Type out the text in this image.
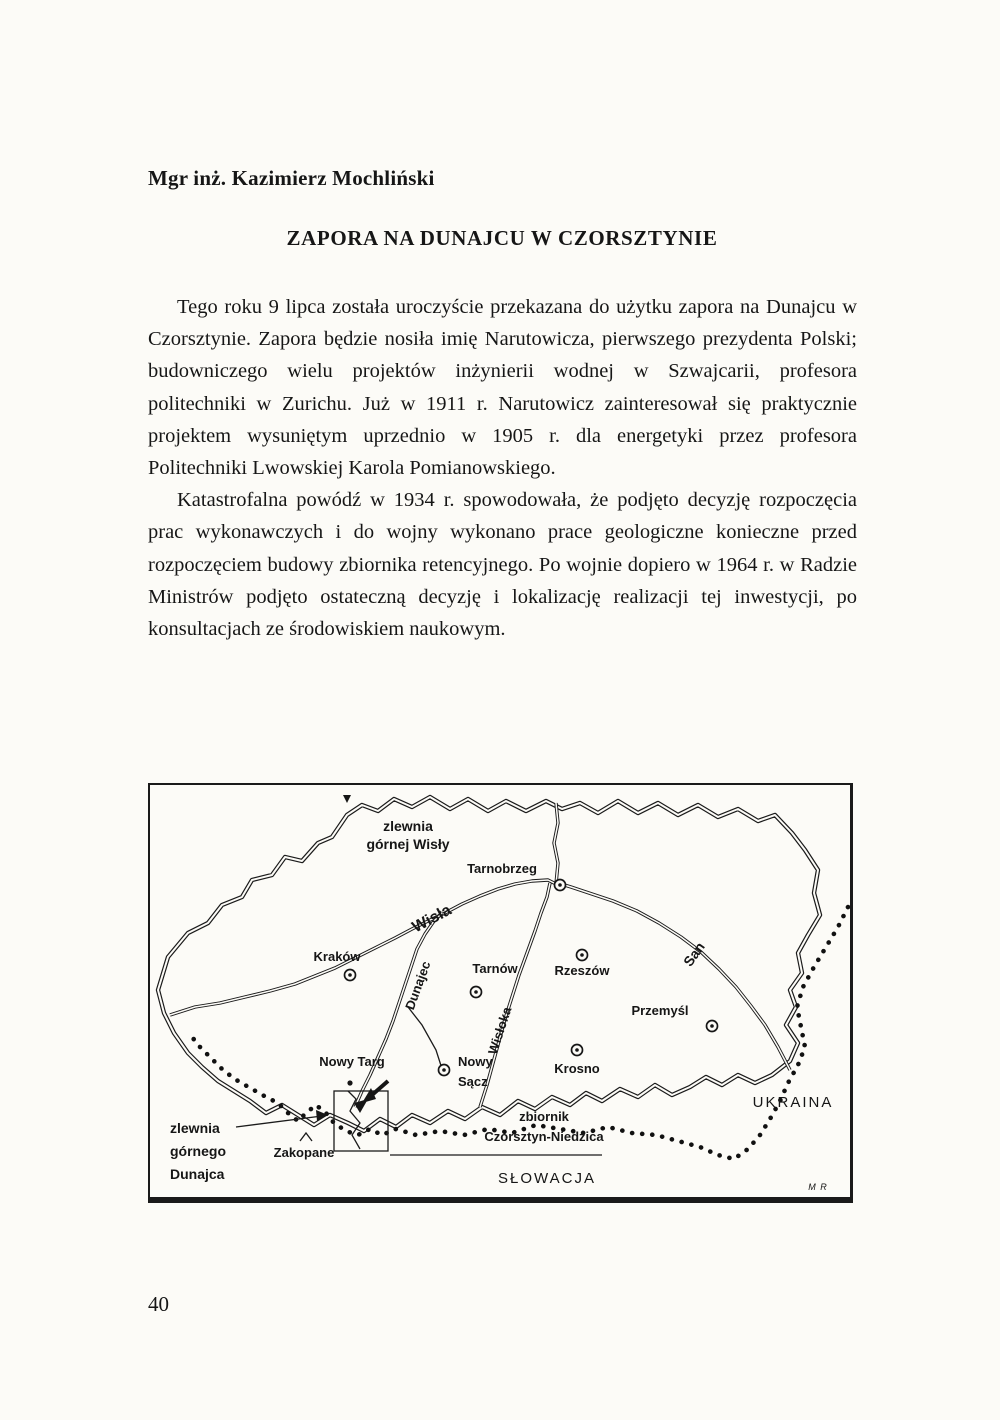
Mgr inż. Kazimierz Mochliński
ZAPORA NA DUNAJCU W CZORSZTYNIE

Tego roku 9 lipca została uroczyście przekazana do użytku zapora na Dunajcu w Czorsztynie. Zapora będzie nosiła imię Narutowicza, pierwszego prezydenta Polski; budowniczego wielu projektów inżynierii wodnej w Szwajcarii, profesora politechniki w Zurichu. Już w 1911 r. Narutowicz zainteresował się praktycznie projektem wysuniętym uprzednio w 1905 r. dla energetyki przez profesora Politechniki Lwowskiej Karola Pomianowskiego.

Katastrofalna powódź w 1934 r. spowodowała, że podjęto decyzję rozpoczęcia prac wykonawczych i do wojny wykonano prace geologiczne konieczne przed rozpoczęciem budowy zbiornika retencyjnego. Po wojnie dopiero w 1964 r. w Radzie Ministrów podjęto ostateczną decyzję i lokalizację realizacji tej inwestycji, po konsultacjach ze środowiskiem naukowym.

zlewnia
górnej Wisły
zlewnia
górnego
Dunajca
Wisła
Dunajec
Wisłoka
San
Tarnobrzeg
Kraków
Tarnów	Rzeszów
Przemyśl
Nowy Targ	Nowy
Sącz
Krosno
Zakopane
zbiornik
Czorsztyn-Niedzica
SŁOWACJA
UKRAINA
M R
40
